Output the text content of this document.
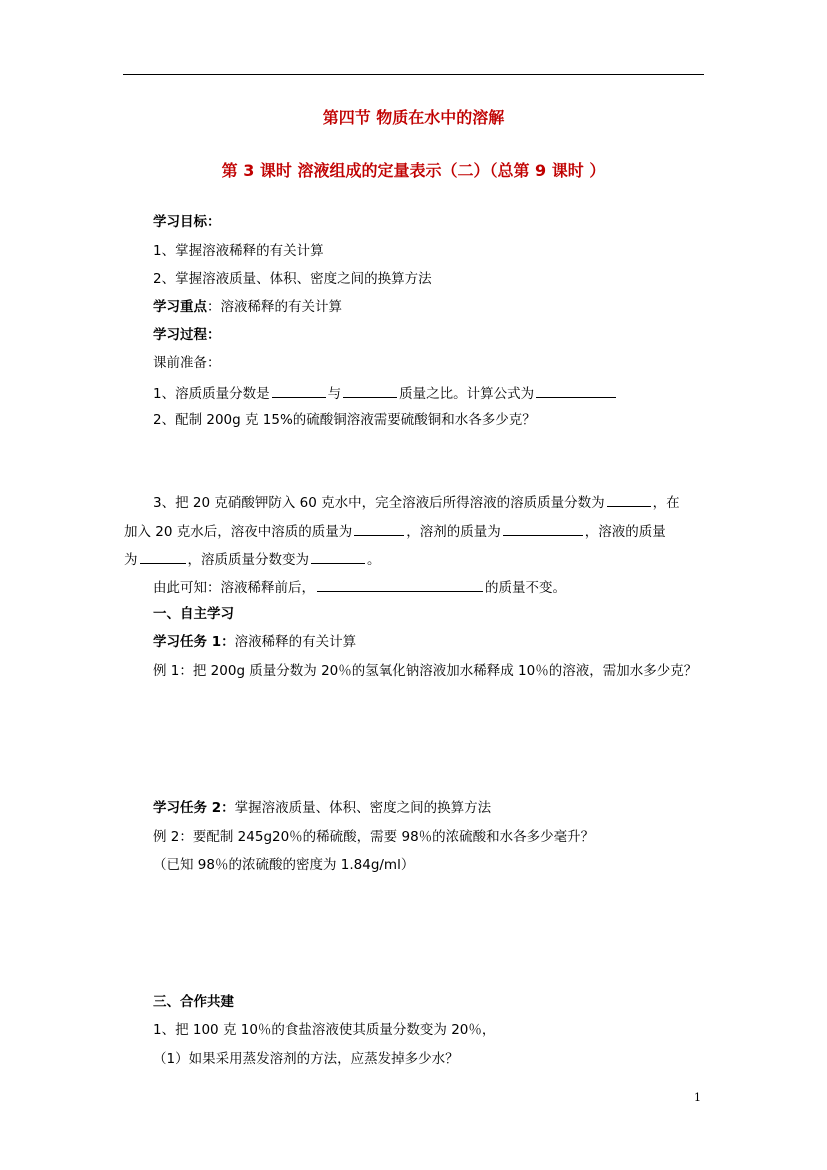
第四节 物质在水中的溶解
第 3 课时 溶液组成的定量表示（二）（总第 9 课时 ）
学习目标：
1、掌握溶液稀释的有关计算
2、掌握溶液质量、体积、密度之间的换算方法
学习重点：溶液稀释的有关计算
学习过程：
课前准备：
1、溶质质量分数是	与	质量之比。计算公式为
2、配制 200g 克 15%的硫酸铜溶液需要硫酸铜和水各多少克？
3、把 20 克硝酸钾防入 60 克水中，完全溶液后所得溶液的溶质质量分数为	，在
加入 20 克水后，溶夜中溶质的质量为	，溶剂的质量为	，溶液的质量
为	，溶质质量分数变为	。
由此可知：溶液稀释前后，	的质量不变。
一、自主学习
学习任务 1：溶液稀释的有关计算
例 1：把 200g 质量分数为 20％的氢氧化钠溶液加水稀释成 10％的溶液，需加水多少克？
学习任务 2：掌握溶液质量、体积、密度之间的换算方法
例 2：要配制 245g20％的稀硫酸，需要 98％的浓硫酸和水各多少毫升？
（已知 98％的浓硫酸的密度为 1.84g/ml）
三、合作共建
1、把 100 克 10％的食盐溶液使其质量分数变为 20％，
（1）如果采用蒸发溶剂的方法，应蒸发掉多少水？
1
